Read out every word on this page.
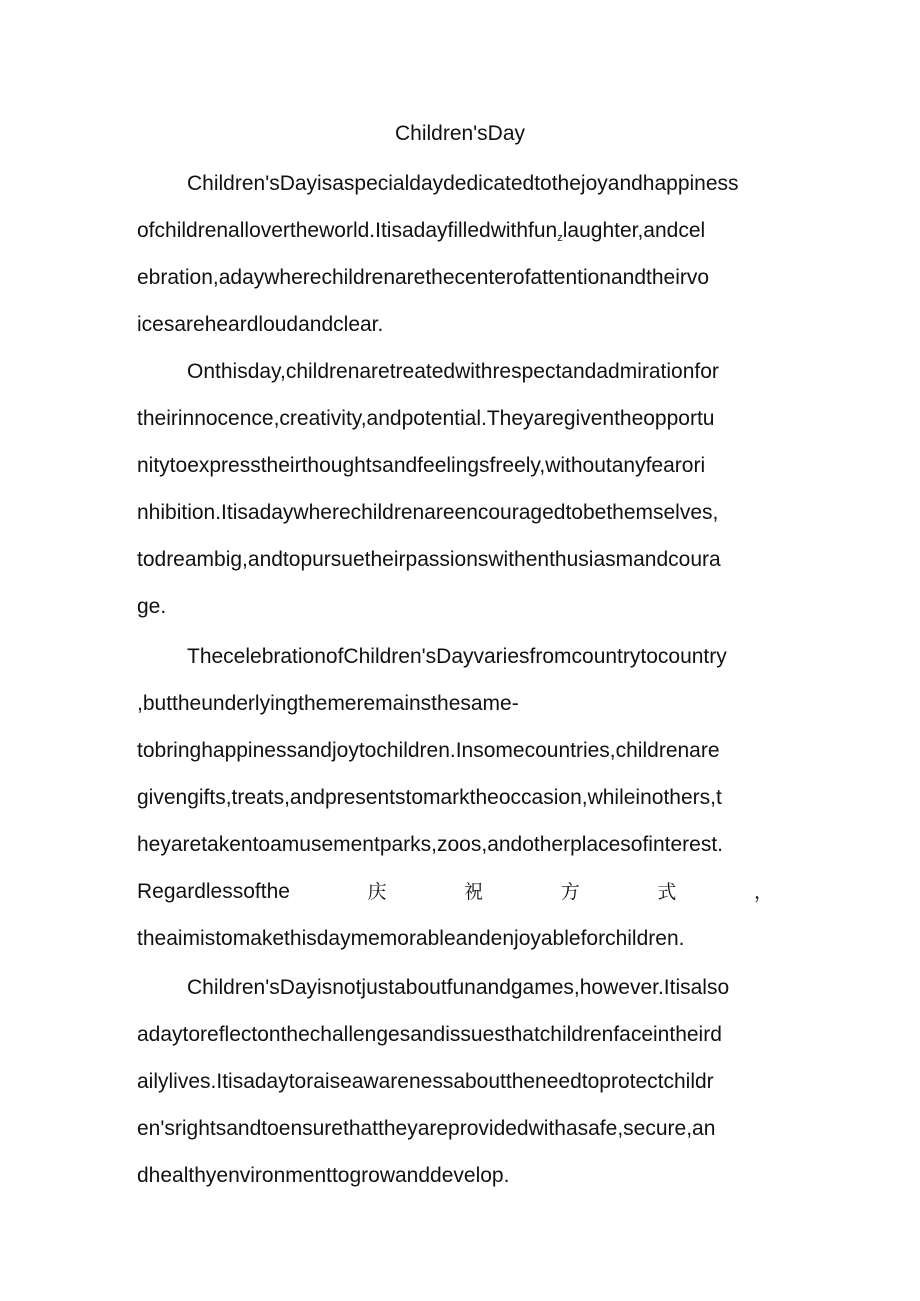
Children'sDay
Children'sDayisaspecialdaydedicatedtothejoyandhappiness
ofchildrenallovertheworld.Itisadayfilledwithfun$_z$laughter,andcel
ebration,adaywherechildrenarethecenterofattentionandtheirvo
icesareheardloudandclear.
Onthisday,childrenaretreatedwithrespectandadmirationfor
theirinnocence,creativity,andpotential.Theyaregiventheopportu
nitytoexpresstheirthoughtsandfeelingsfreely,withoutanyfearori
nhibition.Itisadaywherechildrenareencouragedtobethemselves,
todreambig,andtopursuetheirpassionswithenthusiasmandcoura
ge.
ThecelebrationofChildren'sDayvariesfromcountrytocountry
,buttheunderlyingthemeremainsthesame-
tobringhappinessandjoytochildren.Insomecountries,childrenare
givengifts,treats,andpresentstomarktheoccasion,whileinothers,t
heyaretakentoamusementparks,zoos,andotherplacesofinterest.
Regardlessofthe	庆	祝	方	式	，
theaimistomakethisdaymemorableandenjoyableforchildren.
Children'sDayisnotjustaboutfunandgames,however.Itisalso
adaytoreflectonthechallengesandissuesthatchildrenfaceintheird
ailylives.Itisadaytoraiseawarenessabouttheneedtoprotectchildr
en'srightsandtoensurethattheyareprovidedwithasafe,secure,an
dhealthyenvironmenttogrowanddevelop.
